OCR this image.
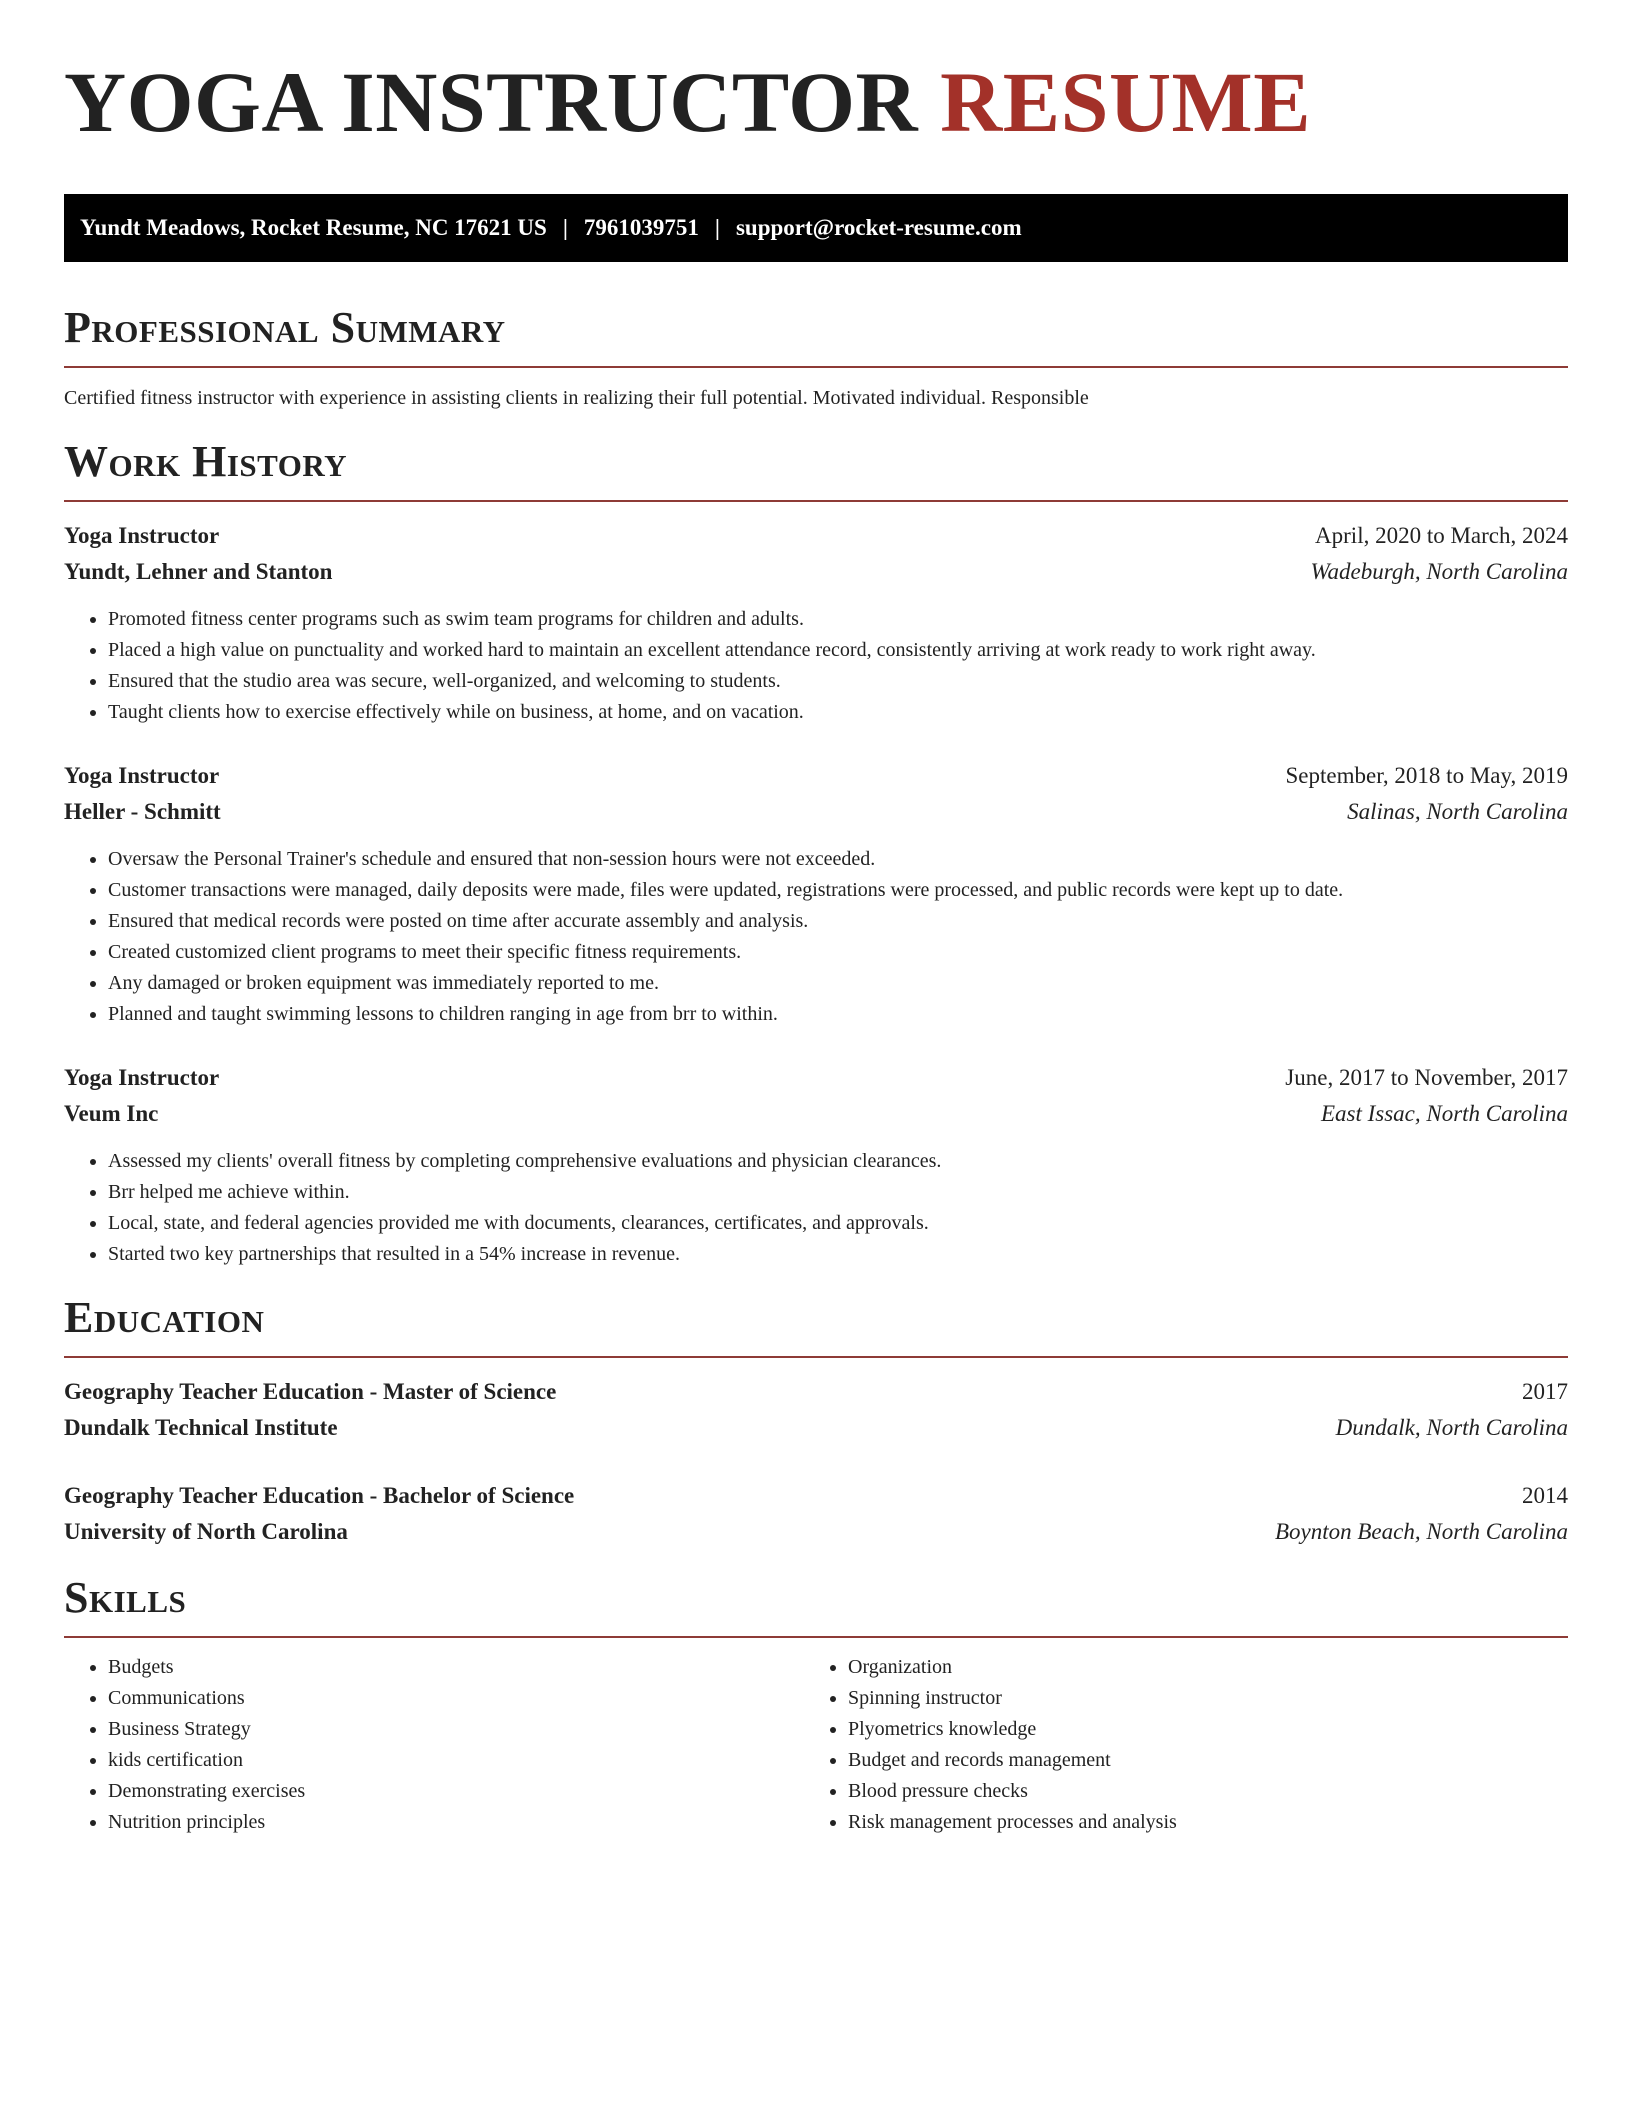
YOGA INSTRUCTOR RESUME
Yundt Meadows, Rocket Resume, NC 17621 US | 7961039751 | support@rocket-resume.com
Professional Summary
Certified fitness instructor with experience in assisting clients in realizing their full potential. Motivated individual. Responsible
Work History
Yoga Instructor	April, 2020 to March, 2024
Yundt, Lehner and Stanton	Wadeburgh, North Carolina
• Promoted fitness center programs such as swim team programs for children and adults.
• Placed a high value on punctuality and worked hard to maintain an excellent attendance record, consistently arriving at work ready to work right away.
• Ensured that the studio area was secure, well-organized, and welcoming to students.
• Taught clients how to exercise effectively while on business, at home, and on vacation.
Yoga Instructor	September, 2018 to May, 2019
Heller - Schmitt	Salinas, North Carolina
• Oversaw the Personal Trainer's schedule and ensured that non-session hours were not exceeded.
• Customer transactions were managed, daily deposits were made, files were updated, registrations were processed, and public records were kept up to date.
• Ensured that medical records were posted on time after accurate assembly and analysis.
• Created customized client programs to meet their specific fitness requirements.
• Any damaged or broken equipment was immediately reported to me.
• Planned and taught swimming lessons to children ranging in age from brr to within.
Yoga Instructor	June, 2017 to November, 2017
Veum Inc	East Issac, North Carolina
• Assessed my clients' overall fitness by completing comprehensive evaluations and physician clearances.
• Brr helped me achieve within.
• Local, state, and federal agencies provided me with documents, clearances, certificates, and approvals.
• Started two key partnerships that resulted in a 54% increase in revenue.
Education
Geography Teacher Education - Master of Science	2017
Dundalk Technical Institute	Dundalk, North Carolina
Geography Teacher Education - Bachelor of Science	2014
University of North Carolina	Boynton Beach, North Carolina
Skills
• Budgets
• Communications
• Business Strategy
• kids certification
• Demonstrating exercises
• Nutrition principles
• Organization
• Spinning instructor
• Plyometrics knowledge
• Budget and records management
• Blood pressure checks
• Risk management processes and analysis
